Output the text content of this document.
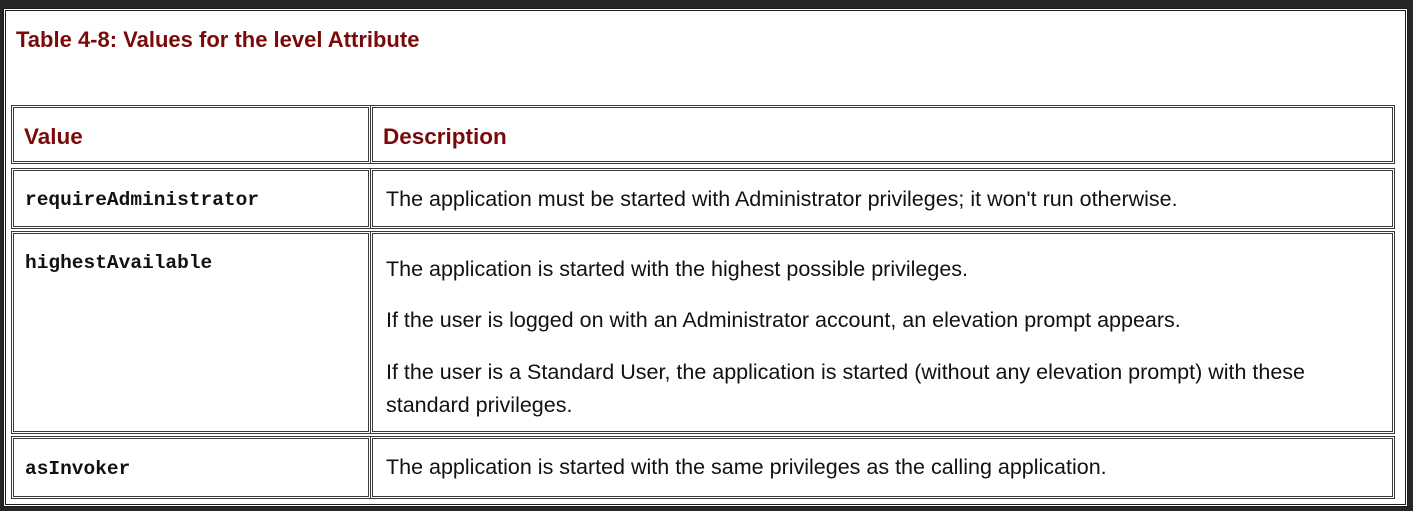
Table 4-8: Values for the level Attribute
Value	Description
requireAdministrator	The application must be started with Administrator privileges; it won't run otherwise.
highestAvailable	The application is started with the highest possible privileges.
If the user is logged on with an Administrator account, an elevation prompt appears.
If the user is a Standard User, the application is started (without any elevation prompt) with these standard privileges.
asInvoker	The application is started with the same privileges as the calling application.
